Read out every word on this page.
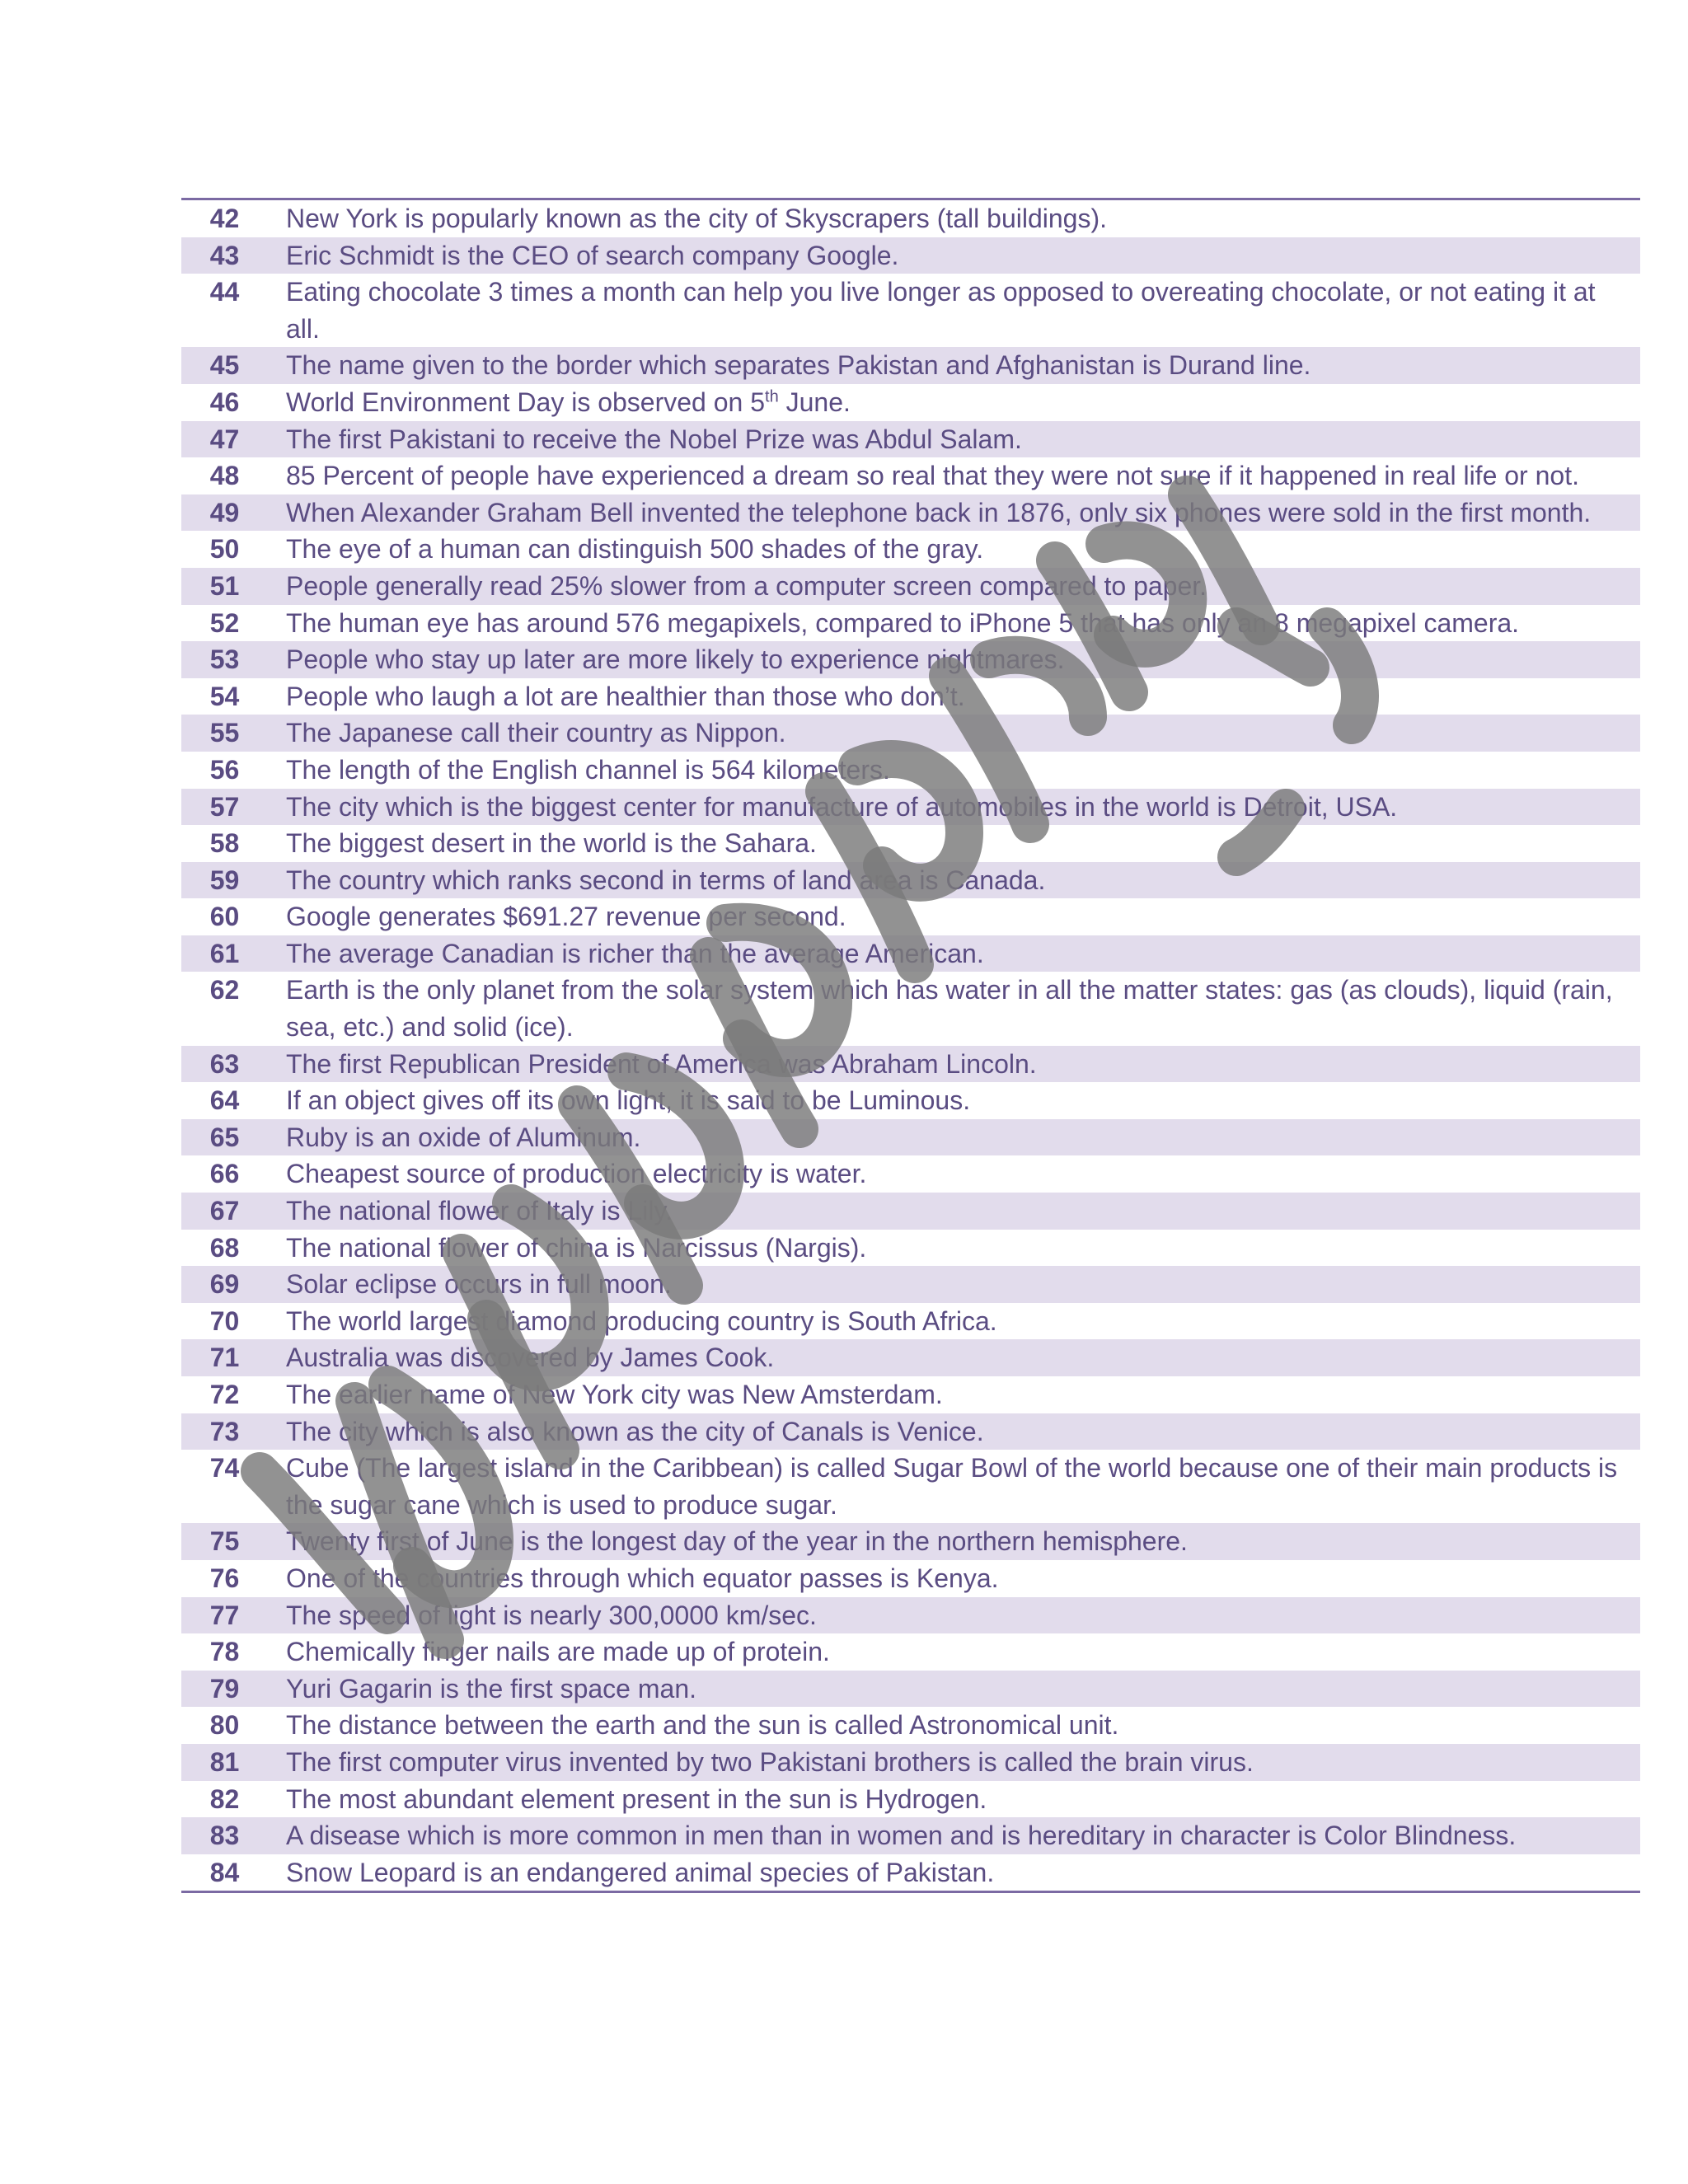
42	New York is popularly known as the city of Skyscrapers (tall buildings).
43	Eric Schmidt is the CEO of search company Google.
44	Eating chocolate 3 times a month can help you live longer as opposed to overeating chocolate, or not eating it at all.
45	The name given to the border which separates Pakistan and Afghanistan is Durand line.
46	World Environment Day is observed on 5th June.
47	The first Pakistani to receive the Nobel Prize was Abdul Salam.
48	85 Percent of people have experienced a dream so real that they were not sure if it happened in real life or not.
49	When Alexander Graham Bell invented the telephone back in 1876, only six phones were sold in the first month.
50	The eye of a human can distinguish 500 shades of the gray.
51	People generally read 25% slower from a computer screen compared to paper.
52	The human eye has around 576 megapixels, compared to iPhone 5 that has only an 8 megapixel camera.
53	People who stay up later are more likely to experience nightmares.
54	People who laugh a lot are healthier than those who don’t.
55	The Japanese call their country as Nippon.
56	The length of the English channel is 564 kilometers.
57	The city which is the biggest center for manufacture of automobiles in the world is Detroit, USA.
58	The biggest desert in the world is the Sahara.
59	The country which ranks second in terms of land area is Canada.
60	Google generates $691.27 revenue per second.
61	The average Canadian is richer than the average American.
62	Earth is the only planet from the solar system which has water in all the matter states: gas (as clouds), liquid (rain, sea, etc.) and solid (ice).
63	The first Republican President of America was Abraham Lincoln.
64	If an object gives off its own light, it is said to be Luminous.
65	Ruby is an oxide of Aluminum.
66	Cheapest source of production electricity is water.
67	The national flower of Italy is Lily.
68	The national flower of china is Narcissus (Nargis).
69	Solar eclipse occurs in full moon.
70	The world largest diamond producing country is South Africa.
71	Australia was discovered by James Cook.
72	The earlier name of New York city was New Amsterdam.
73	The city which is also known as the city of Canals is Venice.
74	Cube (The largest island in the Caribbean) is called Sugar Bowl of the world because one of their main products is the sugar cane which is used to produce sugar.
75	Twenty first of June is the longest day of the year in the northern hemisphere.
76	One of the countries through which equator passes is Kenya.
77	The speed of light is nearly 300,0000 km/sec.
78	Chemically finger nails are made up of protein.
79	Yuri Gagarin is the first space man.
80	The distance between the earth and the sun is called Astronomical unit.
81	The first computer virus invented by two Pakistani brothers is called the brain virus.
82	The most abundant element present in the sun is Hydrogen.
83	A disease which is more common in men than in women and is hereditary in character is Color Blindness.
84	Snow Leopard is an endangered animal species of Pakistan.
